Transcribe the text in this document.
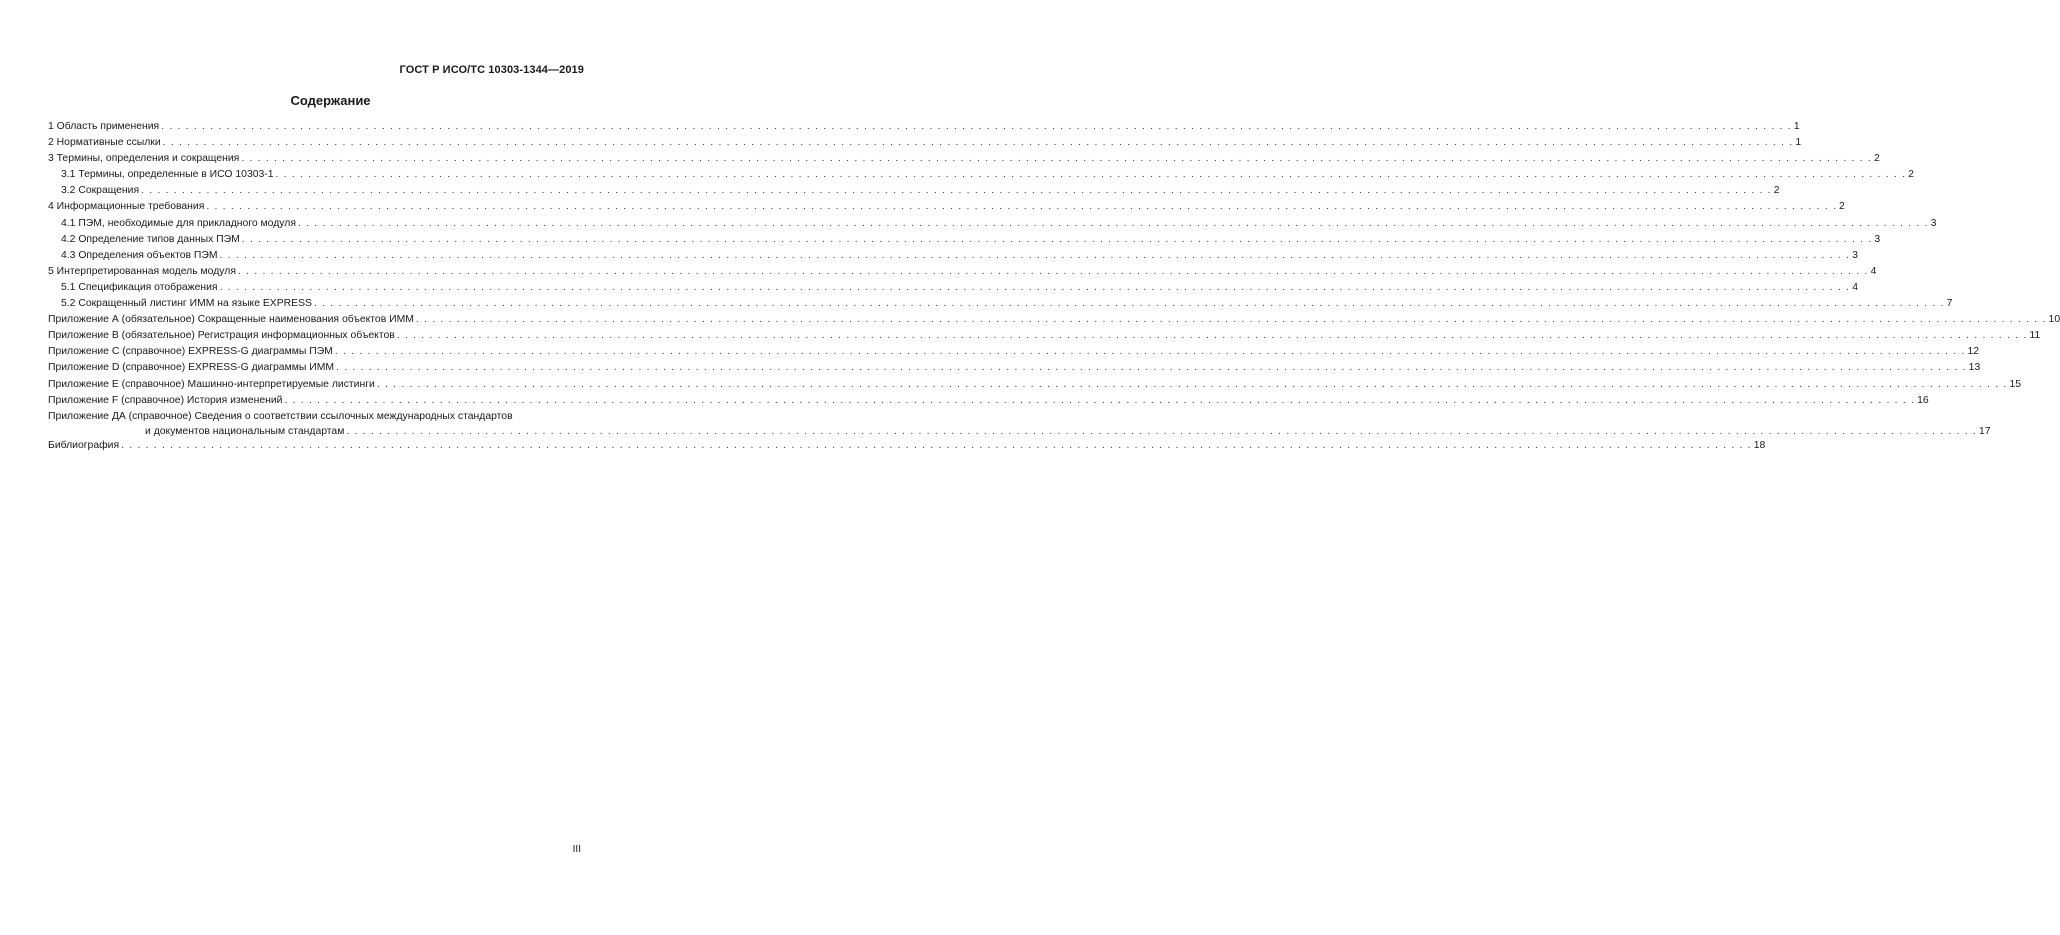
ГОСТ Р ИСО/ТС 10303-1344—2019
Содержание
1 Область применения . . . . . . . . . . . . . . . . . . . . . . . . . . . . . . . . . . . . . . . . . . . . . . . . . . . . . . . . . . . . . . . . . . . . . . . . . . . . . . . . . . . . . . . . . . . . . . . . . . . . . . . . . . . . . . . . . . . . . . . . . . . . . . . . . . . . . . . . . . . . . . . . . . . . . . . . . . . . . . . . . . . . . . . . . . . . . . . . . . . . . . . . . . . . . . . . . . . . . . . . 1
2 Нормативные ссылки . . . . . . . . . . . . . . . . . . . . . . . . . . . . . . . . . . . . . . . . . . . . . . . . . . . . . . . . . . . . . . . . . . . . . . . . . . . . . . . . . . . . . . . . . . . . . . . . . . . . . . . . . . . . . . . . . . . . . . . . . . . . . . . . . . . . . . . . . . . . . . . . . . . . . . . . . . . . . . . . . . . . . . . . . . . . . . . . . . . . . . . . . . . . . . . . . . . . . . . . 1
3 Термины, определения и сокращения . . . . . . . . . . . . . . . . . . . . . . . . . . . . . . . . . . . . . . . . . . . . . . . . . . . . . . . . . . . . . . . . . . . . . . . . . . . . . . . . . . . . . . . . . . . . . . . . . . . . . . . . . . . . . . . . . . . . . . . . . . . . . . . . . . . . . . . . . . . . . . . . . . . . . . . . . . . . . . . . . . . . . . . . . . . . . . . . . . . . . . . . . . . . . . . . . . . . . . . . 2
3.1 Термины, определенные в ИСО 10303-1 . . . . . . . . . . . . . . . . . . . . . . . . . . . . . . . . . . . . . . . . . . . . . . . . . . . . . . . . . . . . . . . . . . . . . . . . . . . . . . . . . . . . . . . . . . . . . . . . . . . . . . . . . . . . . . . . . . . . . . . . . . . . . . . . . . . . . . . . . . . . . . . . . . . . . . . . . . . . . . . . . . . . . . . . . . . . . . . . . . . . . . . . . . . . . . . . . . . . . . . . 2
3.2 Сокращения . . . . . . . . . . . . . . . . . . . . . . . . . . . . . . . . . . . . . . . . . . . . . . . . . . . . . . . . . . . . . . . . . . . . . . . . . . . . . . . . . . . . . . . . . . . . . . . . . . . . . . . . . . . . . . . . . . . . . . . . . . . . . . . . . . . . . . . . . . . . . . . . . . . . . . . . . . . . . . . . . . . . . . . . . . . . . . . . . . . . . . . . . . . . . . . . . . . . . . . . 2
4 Информационные требования . . . . . . . . . . . . . . . . . . . . . . . . . . . . . . . . . . . . . . . . . . . . . . . . . . . . . . . . . . . . . . . . . . . . . . . . . . . . . . . . . . . . . . . . . . . . . . . . . . . . . . . . . . . . . . . . . . . . . . . . . . . . . . . . . . . . . . . . . . . . . . . . . . . . . . . . . . . . . . . . . . . . . . . . . . . . . . . . . . . . . . . . . . . . . . . . . . . . . . . . 2
4.1 ПЭМ, необходимые для прикладного модуля . . . . . . . . . . . . . . . . . . . . . . . . . . . . . . . . . . . . . . . . . . . . . . . . . . . . . . . . . . . . . . . . . . . . . . . . . . . . . . . . . . . . . . . . . . . . . . . . . . . . . . . . . . . . . . . . . . . . . . . . . . . . . . . . . . . . . . . . . . . . . . . . . . . . . . . . . . . . . . . . . . . . . . . . . . . . . . . . . . . . . . . . . . . . . . . . . . . . . . . . 3
4.2 Определение типов данных ПЭМ . . . . . . . . . . . . . . . . . . . . . . . . . . . . . . . . . . . . . . . . . . . . . . . . . . . . . . . . . . . . . . . . . . . . . . . . . . . . . . . . . . . . . . . . . . . . . . . . . . . . . . . . . . . . . . . . . . . . . . . . . . . . . . . . . . . . . . . . . . . . . . . . . . . . . . . . . . . . . . . . . . . . . . . . . . . . . . . . . . . . . . . . . . . . . . . . . . . . . . . . 3
4.3 Определения объектов ПЭМ . . . . . . . . . . . . . . . . . . . . . . . . . . . . . . . . . . . . . . . . . . . . . . . . . . . . . . . . . . . . . . . . . . . . . . . . . . . . . . . . . . . . . . . . . . . . . . . . . . . . . . . . . . . . . . . . . . . . . . . . . . . . . . . . . . . . . . . . . . . . . . . . . . . . . . . . . . . . . . . . . . . . . . . . . . . . . . . . . . . . . . . . . . . . . . . . . . . . . . . . 3
5 Интерпретированная модель модуля . . . . . . . . . . . . . . . . . . . . . . . . . . . . . . . . . . . . . . . . . . . . . . . . . . . . . . . . . . . . . . . . . . . . . . . . . . . . . . . . . . . . . . . . . . . . . . . . . . . . . . . . . . . . . . . . . . . . . . . . . . . . . . . . . . . . . . . . . . . . . . . . . . . . . . . . . . . . . . . . . . . . . . . . . . . . . . . . . . . . . . . . . . . . . . . . . . . . . . . . 4
5.1 Спецификация отображения . . . . . . . . . . . . . . . . . . . . . . . . . . . . . . . . . . . . . . . . . . . . . . . . . . . . . . . . . . . . . . . . . . . . . . . . . . . . . . . . . . . . . . . . . . . . . . . . . . . . . . . . . . . . . . . . . . . . . . . . . . . . . . . . . . . . . . . . . . . . . . . . . . . . . . . . . . . . . . . . . . . . . . . . . . . . . . . . . . . . . . . . . . . . . . . . . . . . . . . . 4
5.2 Сокращенный листинг ИММ на языке EXPRESS . . . . . . . . . . . . . . . . . . . . . . . . . . . . . . . . . . . . . . . . . . . . . . . . . . . . . . . . . . . . . . . . . . . . . . . . . . . . . . . . . . . . . . . . . . . . . . . . . . . . . . . . . . . . . . . . . . . . . . . . . . . . . . . . . . . . . . . . . . . . . . . . . . . . . . . . . . . . . . . . . . . . . . . . . . . . . . . . . . . . . . . . . . . . . . . . . . . . . . . . 7
Приложение А (обязательное) Сокращенные наименования объектов ИММ . . . . . . . . . . . . . . . . . . . . . . . . . . . . . . . . . . . . . . . . . . . . . . . . . . . . . . . . . . . . . . . . . . . . . . . . . . . . . . . . . . . . . . . . . . . . . . . . . . . . . . . . . . . . . . . . . . . . . . . . . . . . . . . . . . . . . . . . . . . . . . . . . . . . . . . . . . . . . . . . . . . . . . . . . . . . . . . . . . . . . . . . . . . . . . . . . . . . . . . . 10
Приложение В (обязательное) Регистрация информационных объектов . . . . . . . . . . . . . . . . . . . . . . . . . . . . . . . . . . . . . . . . . . . . . . . . . . . . . . . . . . . . . . . . . . . . . . . . . . . . . . . . . . . . . . . . . . . . . . . . . . . . . . . . . . . . . . . . . . . . . . . . . . . . . . . . . . . . . . . . . . . . . . . . . . . . . . . . . . . . . . . . . . . . . . . . . . . . . . . . . . . . . . . . . . . . . . . . . . . . . . . . 11
Приложение С (справочное) EXPRESS-G диаграммы ПЭМ . . . . . . . . . . . . . . . . . . . . . . . . . . . . . . . . . . . . . . . . . . . . . . . . . . . . . . . . . . . . . . . . . . . . . . . . . . . . . . . . . . . . . . . . . . . . . . . . . . . . . . . . . . . . . . . . . . . . . . . . . . . . . . . . . . . . . . . . . . . . . . . . . . . . . . . . . . . . . . . . . . . . . . . . . . . . . . . . . . . . . . . . . . . . . . . . . . . . . . . . 12
Приложение D (справочное) EXPRESS-G диаграммы ИММ . . . . . . . . . . . . . . . . . . . . . . . . . . . . . . . . . . . . . . . . . . . . . . . . . . . . . . . . . . . . . . . . . . . . . . . . . . . . . . . . . . . . . . . . . . . . . . . . . . . . . . . . . . . . . . . . . . . . . . . . . . . . . . . . . . . . . . . . . . . . . . . . . . . . . . . . . . . . . . . . . . . . . . . . . . . . . . . . . . . . . . . . . . . . . . . . . . . . . . . . 13
Приложение Е (справочное) Машинно-интерпретируемые листинги . . . . . . . . . . . . . . . . . . . . . . . . . . . . . . . . . . . . . . . . . . . . . . . . . . . . . . . . . . . . . . . . . . . . . . . . . . . . . . . . . . . . . . . . . . . . . . . . . . . . . . . . . . . . . . . . . . . . . . . . . . . . . . . . . . . . . . . . . . . . . . . . . . . . . . . . . . . . . . . . . . . . . . . . . . . . . . . . . . . . . . . . . . . . . . . . . . . . . . . . 15
Приложение F (справочное) История изменений . . . . . . . . . . . . . . . . . . . . . . . . . . . . . . . . . . . . . . . . . . . . . . . . . . . . . . . . . . . . . . . . . . . . . . . . . . . . . . . . . . . . . . . . . . . . . . . . . . . . . . . . . . . . . . . . . . . . . . . . . . . . . . . . . . . . . . . . . . . . . . . . . . . . . . . . . . . . . . . . . . . . . . . . . . . . . . . . . . . . . . . . . . . . . . . . . . . . . . . . 16
Приложение ДА (справочное) Сведения о соответствии ссылочных международных стандартов
и документов национальным стандартам . . . . . . . . . . . . . . . . . . . . . . . . . . . . . . . . . . . . . . . . . . . . . . . . . . . . . . . . . . . . . . . . . . . . . . . . . . . . . . . . . . . . . . . . . . . . . . . . . . . . . . . . . . . . . . . . . . . . . . . . . . . . . . . . . . . . . . . . . . . . . . . . . . . . . . . . . . . . . . . . . . . . . . . . . . . . . . . . . . . . . . . . . . . . . . . . . . . . . . . . 17
Библиография . . . . . . . . . . . . . . . . . . . . . . . . . . . . . . . . . . . . . . . . . . . . . . . . . . . . . . . . . . . . . . . . . . . . . . . . . . . . . . . . . . . . . . . . . . . . . . . . . . . . . . . . . . . . . . . . . . . . . . . . . . . . . . . . . . . . . . . . . . . . . . . . . . . . . . . . . . . . . . . . . . . . . . . . . . . . . . . . . . . . . . . . . . . . . . . . . . . . . . . . 18
III
